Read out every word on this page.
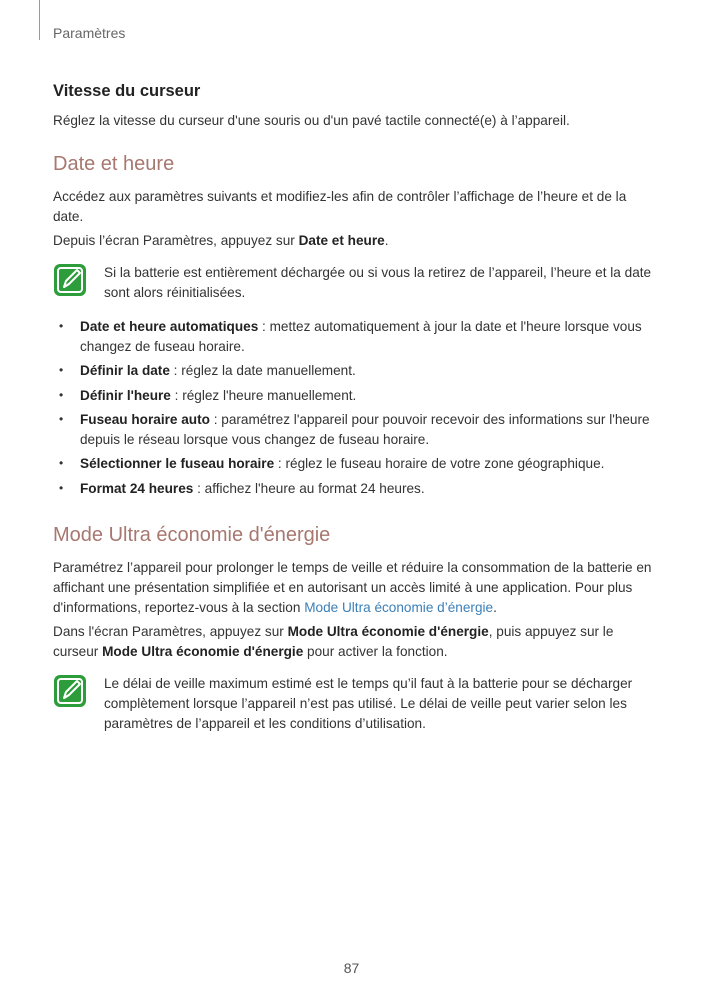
Paramètres
Vitesse du curseur

Réglez la vitesse du curseur d'une souris ou d'un pavé tactile connecté(e) à l’appareil.

Date et heure

Accédez aux paramètres suivants et modifiez-les afin de contrôler l’affichage de l’heure et de la date.

Depuis l’écran Paramètres, appuyez sur Date et heure.

Si la batterie est entièrement déchargée ou si vous la retirez de l’appareil, l’heure et la date sont alors réinitialisées.
• Date et heure automatiques : mettez automatiquement à jour la date et l'heure lorsque vous changez de fuseau horaire.
• Définir la date : réglez la date manuellement.
• Définir l'heure : réglez l'heure manuellement.
• Fuseau horaire auto : paramétrez l'appareil pour pouvoir recevoir des informations sur l'heure depuis le réseau lorsque vous changez de fuseau horaire.
• Sélectionner le fuseau horaire : réglez le fuseau horaire de votre zone géographique.
• Format 24 heures : affichez l'heure au format 24 heures.
Mode Ultra économie d'énergie

Paramétrez l’appareil pour prolonger le temps de veille et réduire la consommation de la batterie en affichant une présentation simplifiée et en autorisant un accès limité à une application. Pour plus d'informations, reportez-vous à la section Mode Ultra économie d’énergie.

Dans l'écran Paramètres, appuyez sur Mode Ultra économie d'énergie, puis appuyez sur le curseur Mode Ultra économie d'énergie pour activer la fonction.

Le délai de veille maximum estimé est le temps qu’il faut à la batterie pour se décharger complètement lorsque l’appareil n’est pas utilisé. Le délai de veille peut varier selon les paramètres de l’appareil et les conditions d’utilisation.
87
